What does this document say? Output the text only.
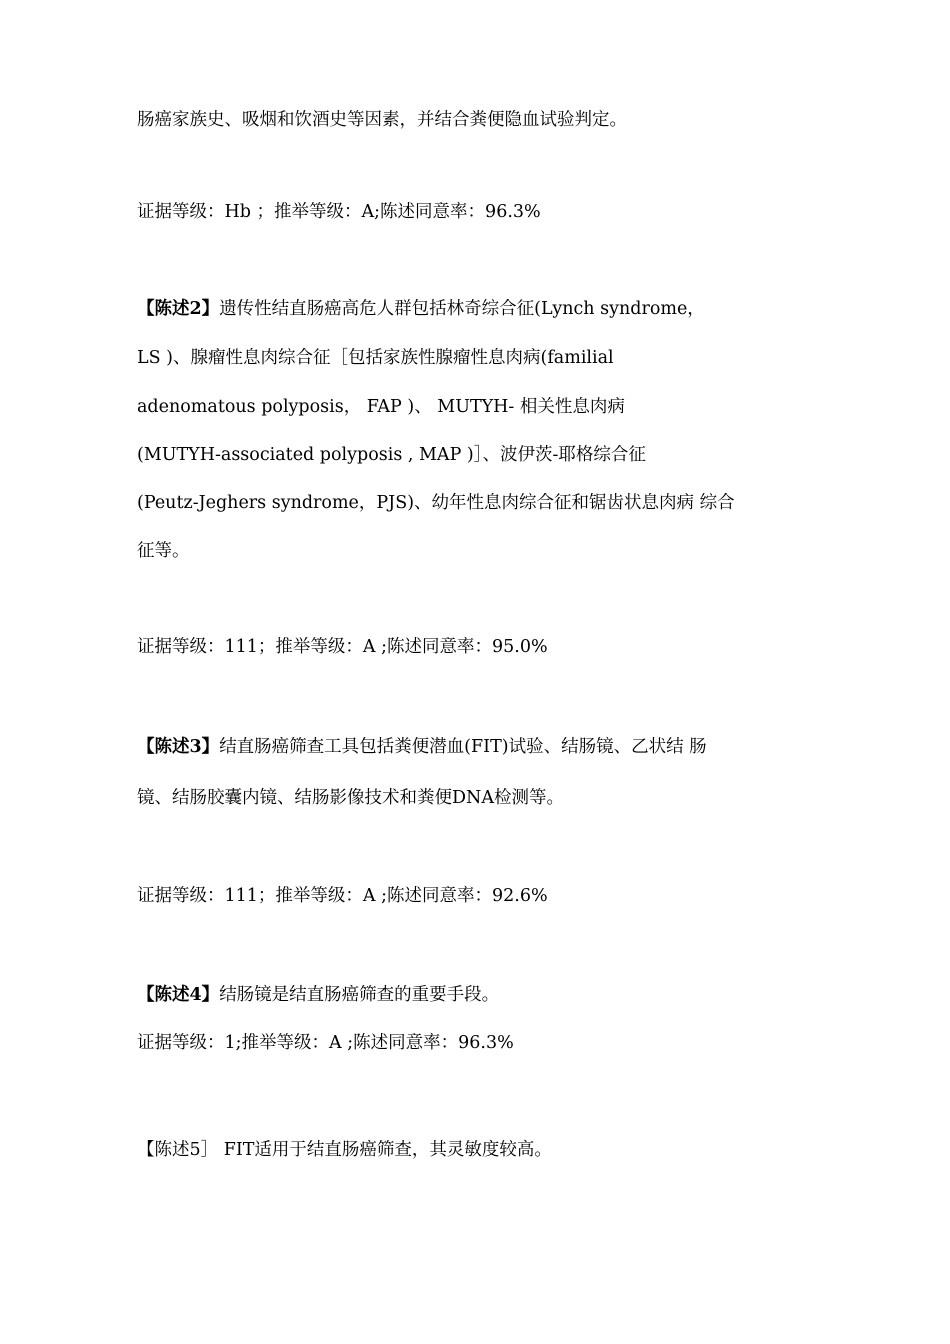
肠癌家族史、吸烟和饮酒史等因素，并结合粪便隐血试验判定。
证据等级：Hb ；推举等级：A;陈述同意率：96.3%
【陈述2】遗传性结直肠癌高危人群包括林奇综合征(Lynch syndrome，
LS )、腺瘤性息肉综合征［包括家族性腺瘤性息肉病(familial
adenomatous polyposis， FAP )、 MUTYH- 相关性息肉病
(MUTYH-associated polyposis , MAP )］、波伊茨-耶格综合征
(Peutz-Jeghers syndrome，PJS)、幼年性息肉综合征和锯齿状息肉病 综合
征等。
证据等级：111；推举等级：A ;陈述同意率：95.0%
【陈述3】结直肠癌筛查工具包括粪便潜血(FIT)试验、结肠镜、乙状结 肠
镜、结肠胶囊内镜、结肠影像技术和粪便DNA检测等。
证据等级：111；推举等级：A ;陈述同意率：92.6%
【陈述4】结肠镜是结直肠癌筛查的重要手段。
证据等级：1;推举等级：A ;陈述同意率：96.3%
【陈述5］ FIT适用于结直肠癌筛查，其灵敏度较高。
